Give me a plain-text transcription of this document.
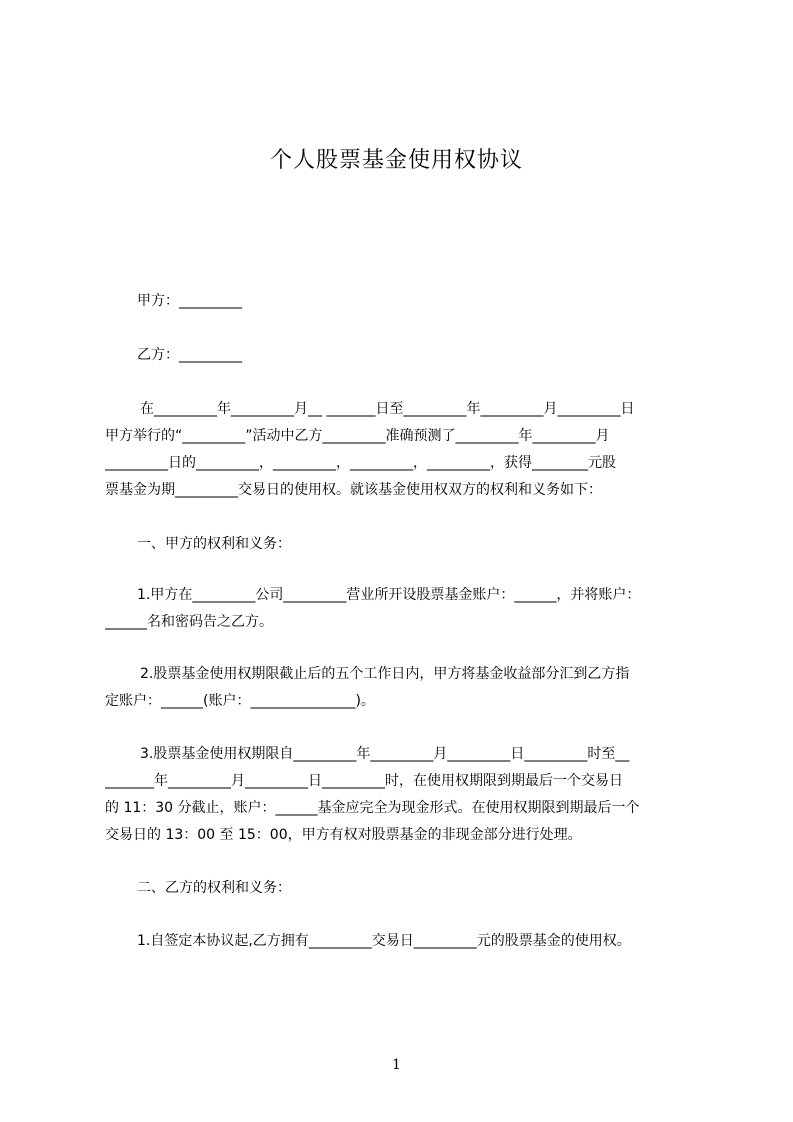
个人股票基金使用权协议
甲方：_________
乙方：_________
在_________年_________月__ _______日至_________年_________月_________日
甲方举行的“_________”活动中乙方_________准确预测了_________年_________月
_________日的_________，_________，_________，_________，获得________元股
票基金为期_________交易日的使用权。就该基金使用权双方的权利和义务如下：
一、甲方的权利和义务：
1.甲方在_________公司_________营业所开设股票基金账户：______，并将账户：
______名和密码告之乙方。
2.股票基金使用权期限截止后的五个工作日内，甲方将基金收益部分汇到乙方指
定账户：______(账户：_______________)。
3.股票基金使用权期限自_________年_________月_________日_________时至__
_______年_________月_________日_________时，在使用权期限到期最后一个交易日
的 11：30 分截止，账户：______基金应完全为现金形式。在使用权期限到期最后一个
交易日的 13：00 至 15：00，甲方有权对股票基金的非现金部分进行处理。
二、乙方的权利和义务：
1.自签定本协议起,乙方拥有_________交易日_________元的股票基金的使用权。
1
